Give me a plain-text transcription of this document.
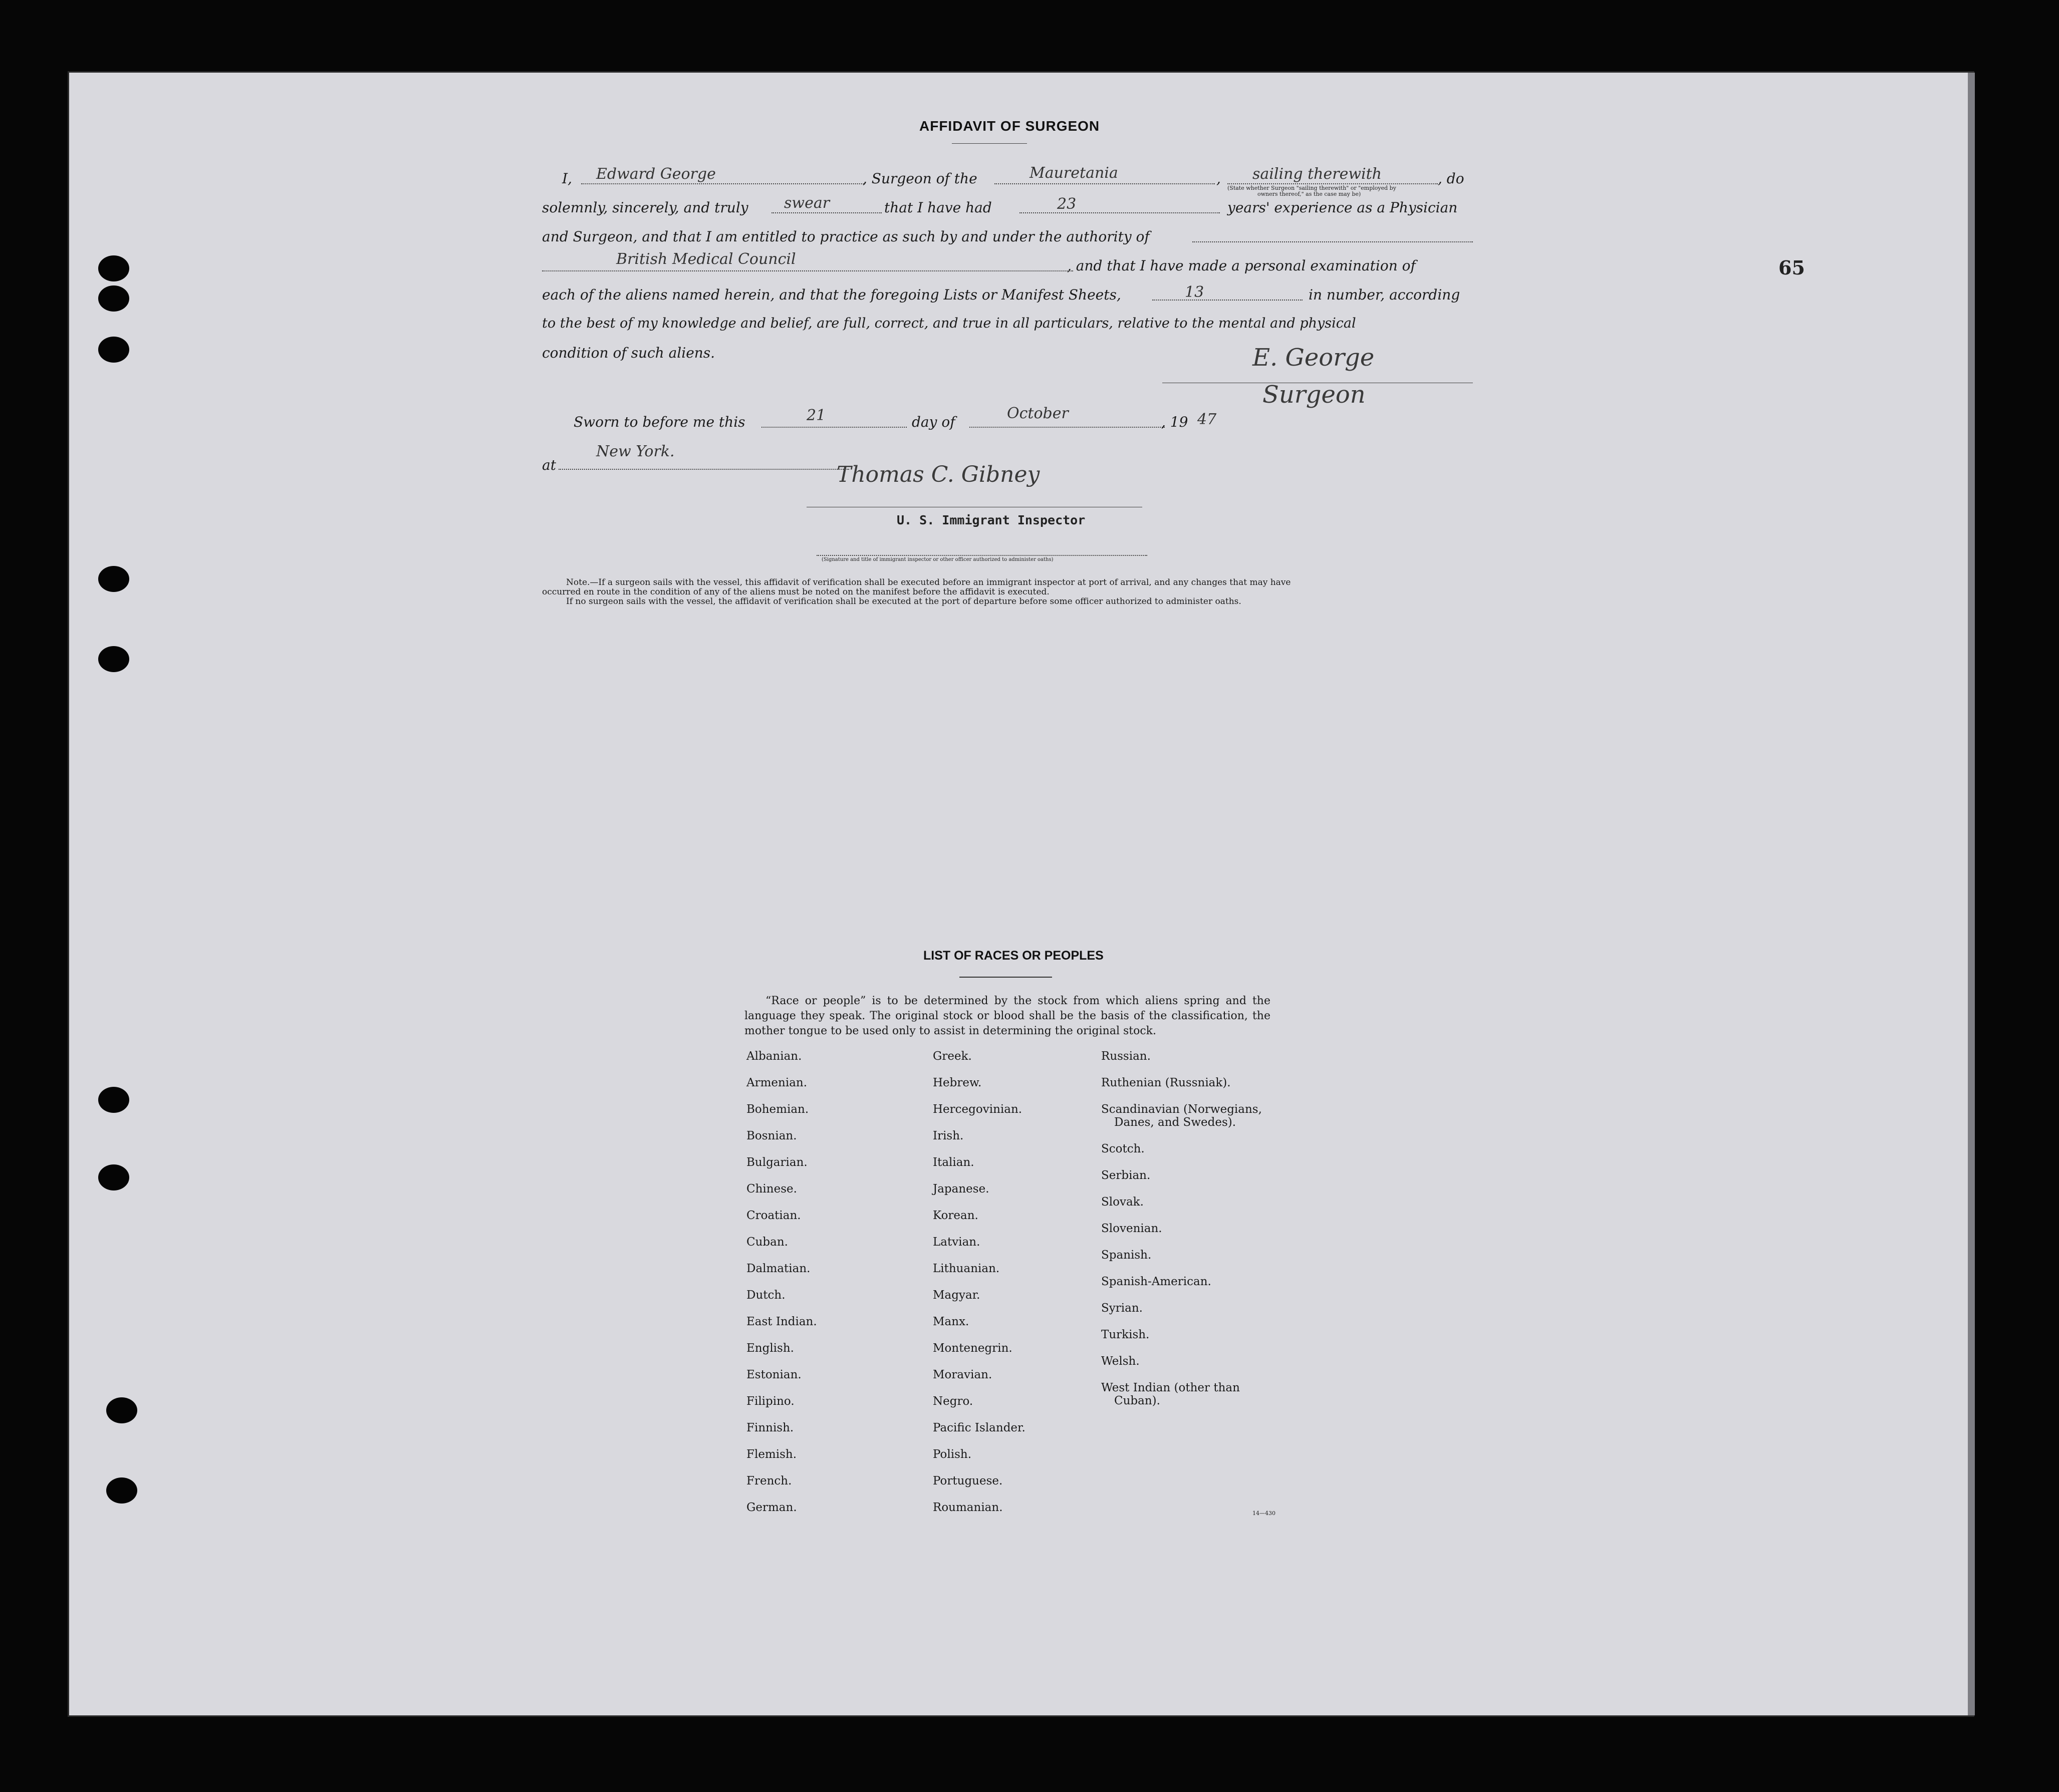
65
AFFIDAVIT OF SURGEON
I, Edward George	, Surgeon of the	Mauretania	, sailing therewith	, do
(State whether Surgeon "sailing therewith" or "employed by
owners thereof," as the case may be)
solemnly, sincerely, and truly swear	that I have had	23	years' experience as a Physician
and Surgeon, and that I am entitled to practice as such by and under the authority of
British Medical Council	, and that I have made a personal examination of
each of the aliens named herein, and that the foregoing Lists or Manifest Sheets,	13	in number, according
to the best of my knowledge and belief, are full, correct, and true in all particulars, relative to the mental and physical
condition of such aliens.	E. George
Surgeon
Sworn to before me this	21	day of	October	, 19 47
at
New York.
Thomas C. Gibney
U. S. Immigrant Inspector
(Signature and title of immigrant inspector or other officer authorized to administer oaths)
Note.—If a surgeon sails with the vessel, this affidavit of verification shall be executed before an immigrant inspector at port of arrival, and any changes that may have
occurred en route in the condition of any of the aliens must be noted on the manifest before the affidavit is executed.
If no surgeon sails with the vessel, the affidavit of verification shall be executed at the port of departure before some officer authorized to administer oaths.
LIST OF RACES OR PEOPLES
“Race or people” is to be determined by the stock from which aliens spring and the language they speak. The original stock or blood shall be the basis of the classification, the mother tongue to be used only to assist in determining the original stock.
Albanian.
Armenian.
Bohemian.
Bosnian.
Bulgarian.
Chinese.
Croatian.
Cuban.
Dalmatian.
Dutch.
East Indian.
English.
Estonian.
Filipino.
Finnish.
Flemish.
French.
German.
Greek.
Hebrew.
Hercegovinian.
Irish.
Italian.
Japanese.
Korean.
Latvian.
Lithuanian.
Magyar.
Manx.
Montenegrin.
Moravian.
Negro.
Pacific Islander.
Polish.
Portuguese.
Roumanian.
Russian.
Ruthenian (Russniak).
Scandinavian (Norwegians,

Danes, and Swedes).
Scotch.
Serbian.
Slovak.
Slovenian.
Spanish.
Spanish-American.
Syrian.
Turkish.
Welsh.
West Indian (other than

Cuban).
14—430
